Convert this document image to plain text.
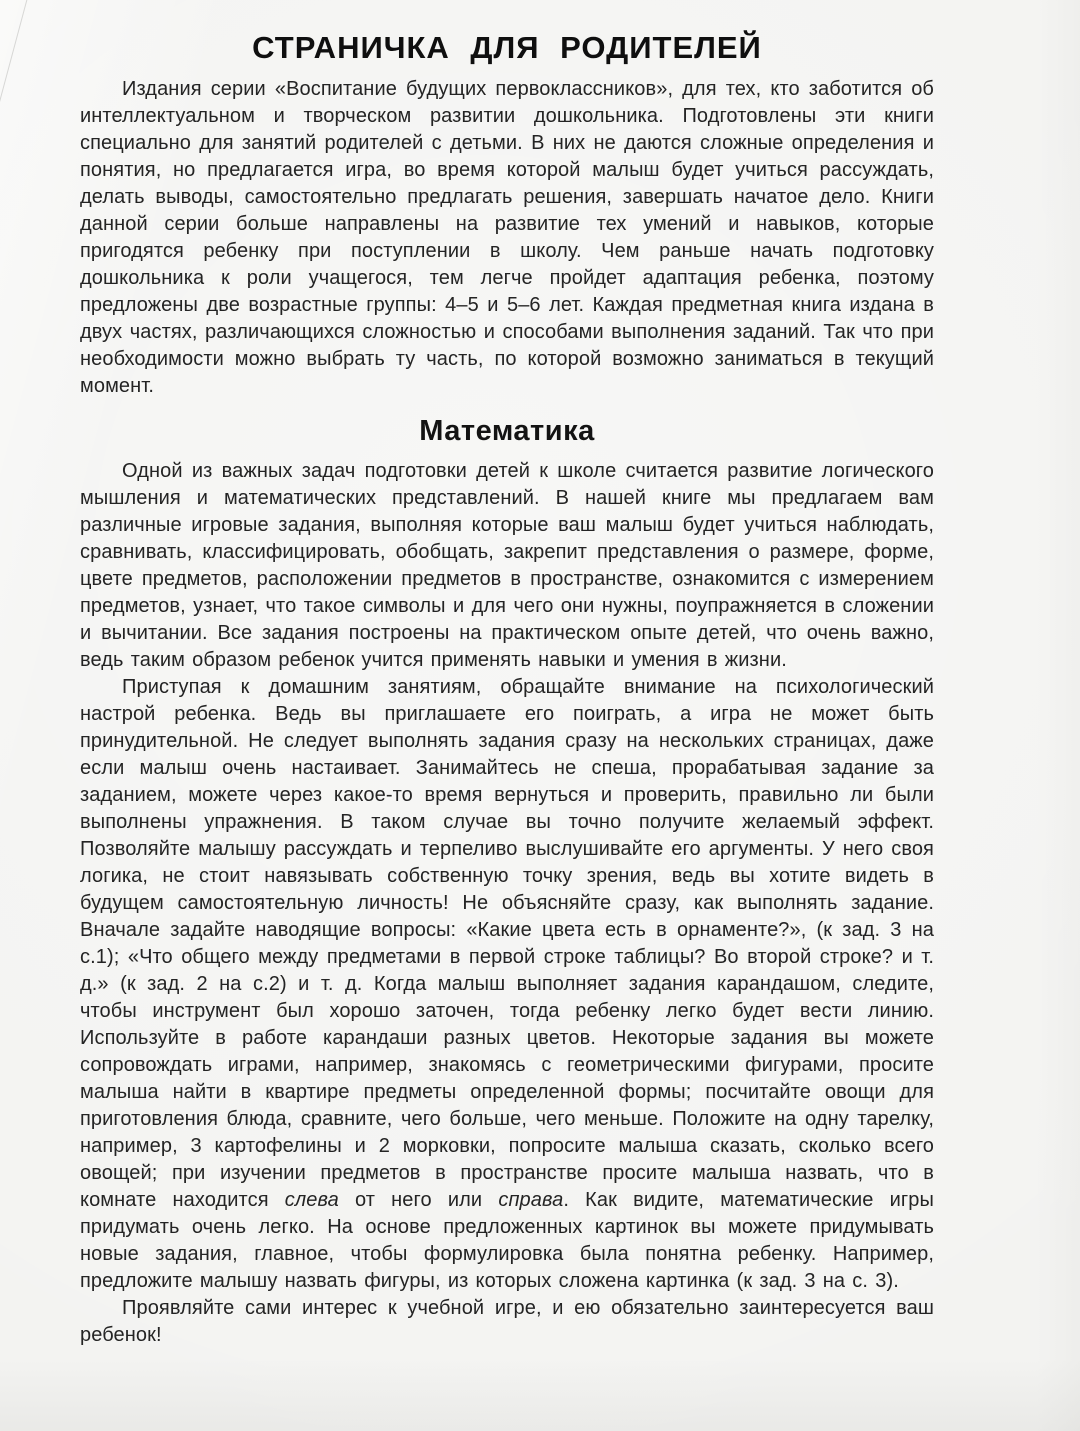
СТРАНИЧКА ДЛЯ РОДИТЕЛЕЙ

Издания серии «Воспитание будущих первоклассников», для тех, кто заботится об интеллектуальном и творческом развитии дошкольника. Подготовлены эти книги специально для занятий родителей с детьми. В них не даются сложные определения и понятия, но предлагается игра, во время которой малыш будет учиться рассуждать, делать выводы, самостоятельно предлагать решения, завершать начатое дело. Книги данной серии больше направлены на развитие тех умений и навыков, которые пригодятся ребенку при поступлении в школу. Чем раньше начать подготовку дошкольника к роли учащегося, тем легче пройдет адаптация ребенка, поэтому предложены две возрастные группы: 4–5 и 5–6 лет. Каждая предметная книга издана в двух частях, различающихся сложностью и способами выполнения заданий. Так что при необходимости можно выбрать ту часть, по которой возможно заниматься в текущий момент.

Математика

Одной из важных задач подготовки детей к школе считается развитие логического мышления и математических представлений. В нашей книге мы предлагаем вам различные игровые задания, выполняя которые ваш малыш будет учиться наблюдать, сравнивать, классифицировать, обобщать, закрепит представления о размере, форме, цвете предметов, расположении предметов в пространстве, ознакомится с измерением предметов, узнает, что такое символы и для чего они нужны, поупражняется в сложении и вычитании. Все задания построены на практическом опыте детей, что очень важно, ведь таким образом ребенок учится применять навыки и умения в жизни.

Приступая к домашним занятиям, обращайте внимание на психологический настрой ребенка. Ведь вы приглашаете его поиграть, а игра не может быть принудительной. Не следует выполнять задания сразу на нескольких страницах, даже если малыш очень настаивает. Занимайтесь не спеша, прорабатывая задание за заданием, можете через какое-то время вернуться и проверить, правильно ли были выполнены упражнения. В таком случае вы точно получите желаемый эффект. Позволяйте малышу рассуждать и терпеливо выслушивайте его аргументы. У него своя логика, не стоит навязывать собственную точку зрения, ведь вы хотите видеть в будущем самостоятельную личность! Не объясняйте сразу, как выполнять задание. Вначале задайте наводящие вопросы: «Какие цвета есть в орнаменте?», (к зад. 3 на с.1); «Что общего между предметами в первой строке таблицы? Во второй строке? и т. д.» (к зад. 2 на с.2) и т. д. Когда малыш выполняет задания карандашом, следите, чтобы инструмент был хорошо заточен, тогда ребенку легко будет вести линию. Используйте в работе карандаши разных цветов. Некоторые задания вы можете сопровождать играми, например, знакомясь с геометрическими фигурами, просите малыша найти в квартире предметы определенной формы; посчитайте овощи для приготовления блюда, сравните, чего больше, чего меньше. Положите на одну тарелку, например, 3 картофелины и 2 морковки, попросите малыша сказать, сколько всего овощей; при изучении предметов в пространстве просите малыша назвать, что в комнате находится слева от него или справа. Как видите, математические игры придумать очень легко. На основе предложенных картинок вы можете придумывать новые задания, главное, чтобы формулировка была понятна ребенку. Например, предложите малышу назвать фигуры, из которых сложена картинка (к зад. 3 на с. 3).

Проявляйте сами интерес к учебной игре, и ею обязательно заинтересуется ваш ребенок!
